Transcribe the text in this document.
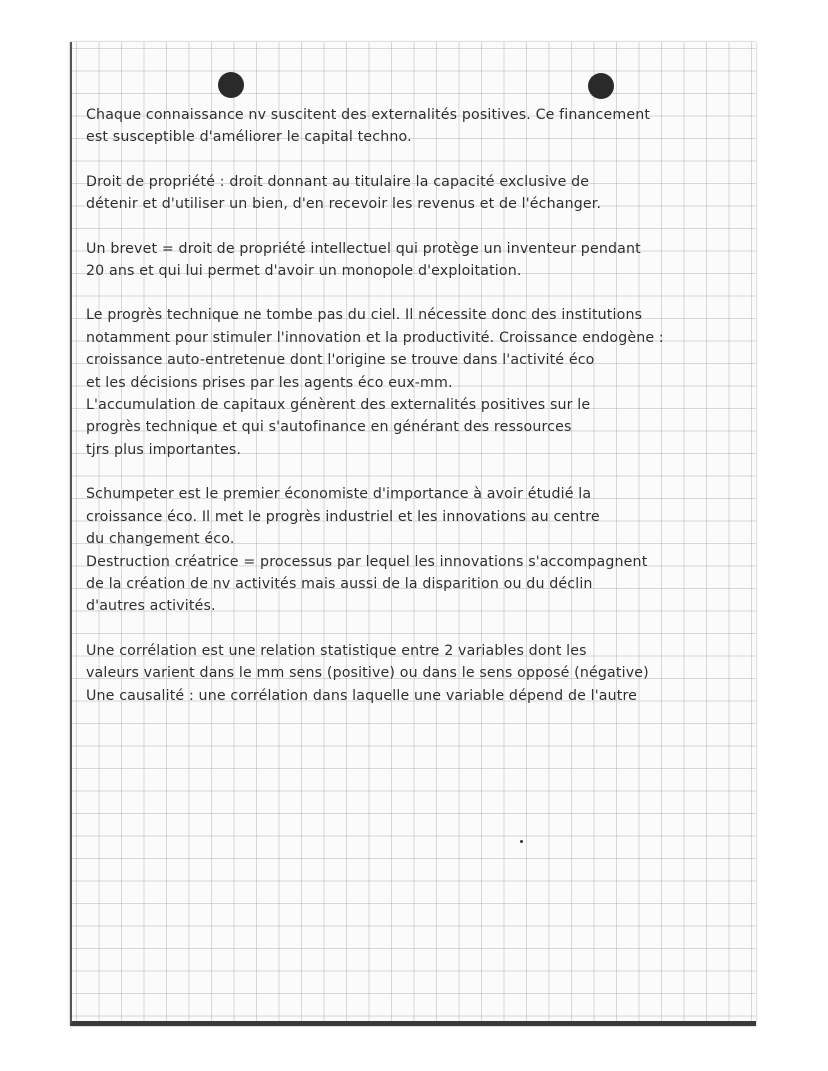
Chaque connaissance nv suscitent des externalités positives. Ce financement
est susceptible d'améliorer le capital techno.
Droit de propriété : droit donnant au titulaire la capacité exclusive de
détenir et d'utiliser un bien, d'en recevoir les revenus et de l'échanger.
Un brevet = droit de propriété intellectuel qui protège un inventeur pendant
20 ans et qui lui permet d'avoir un monopole d'exploitation.
Le progrès technique ne tombe pas du ciel. Il nécessite donc des institutions
notamment pour stimuler l'innovation et la productivité. Croissance endogène :
croissance auto-entretenue dont l'origine se trouve dans l'activité éco
et les décisions prises par les agents éco eux-mm.
L'accumulation de capitaux génèrent des externalités positives sur le
progrès technique et qui s'autofinance en générant des ressources
tjrs plus importantes.
Schumpeter est le premier économiste d'importance à avoir étudié la
croissance éco. Il met le progrès industriel et les innovations au centre
du changement éco.
Destruction créatrice = processus par lequel les innovations s'accompagnent
de la création de nv activités mais aussi de la disparition ou du déclin
d'autres activités.
Une corrélation est une relation statistique entre 2 variables dont les
valeurs varient dans le mm sens (positive) ou dans le sens opposé (négative)
Une causalité : une corrélation dans laquelle une variable dépend de l'autre
